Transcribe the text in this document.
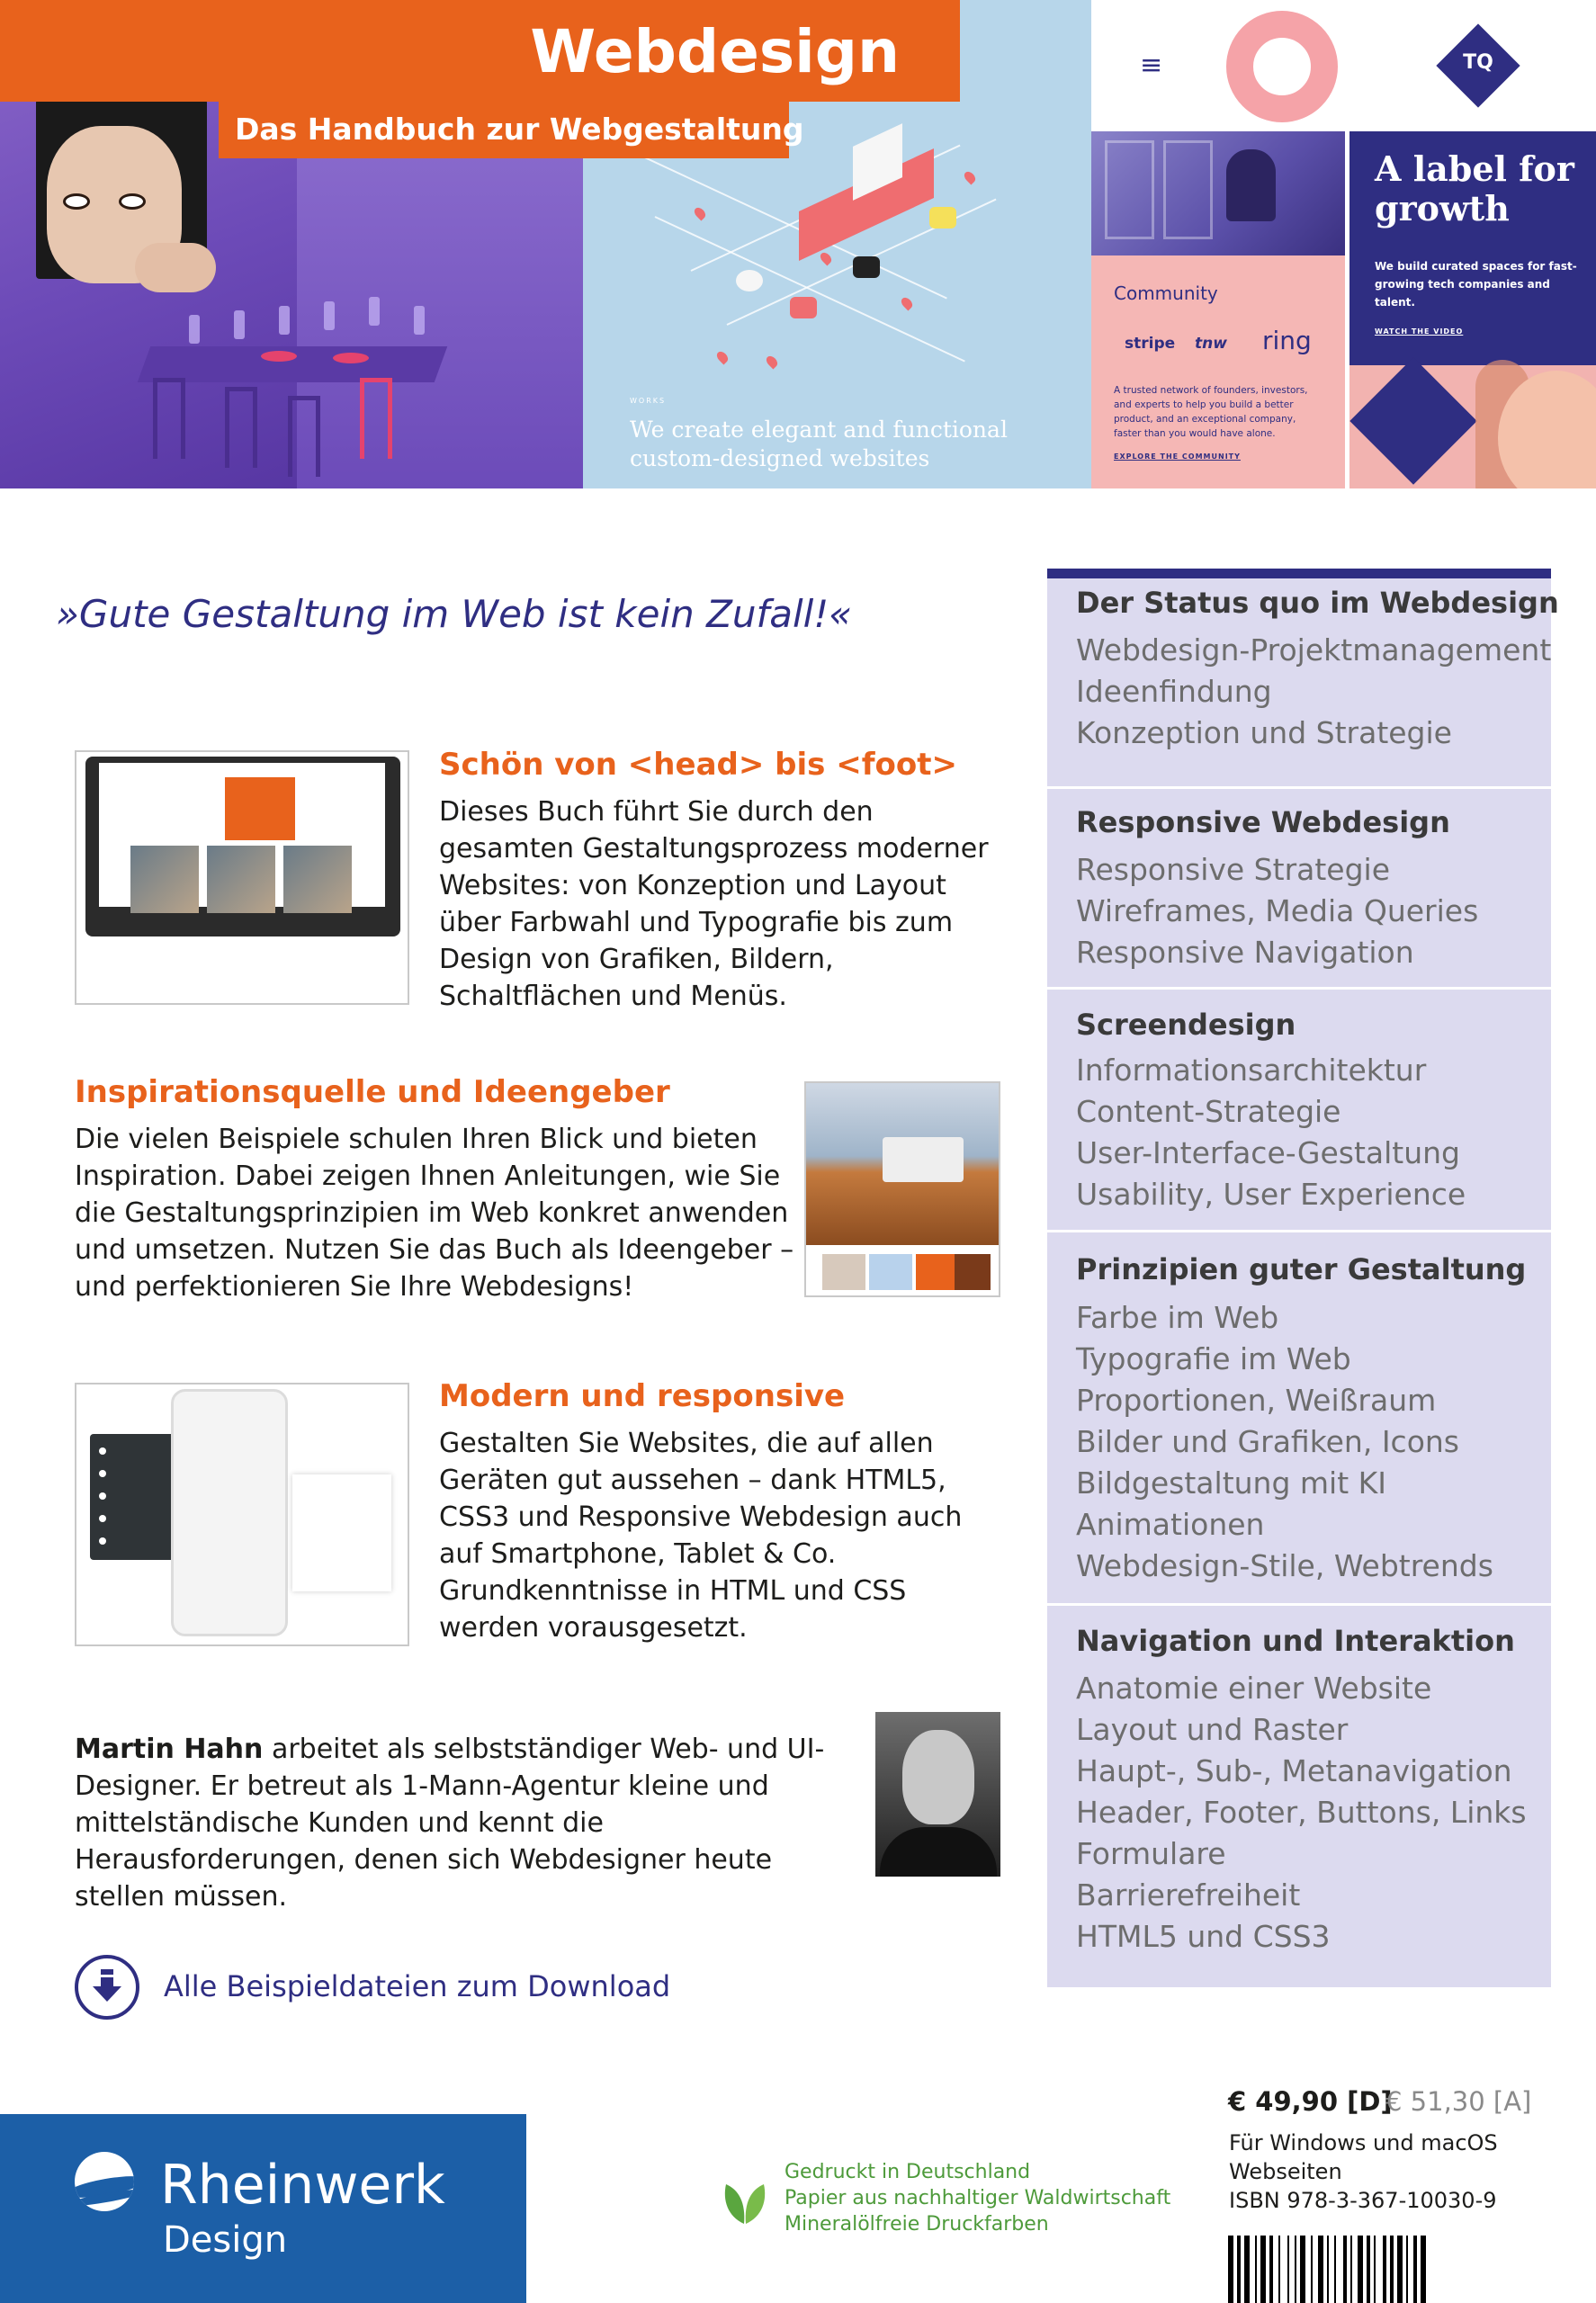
WORKS
We create elegant and functional custom-designed websites
≡	TQ
Community
stripe tnw ring
A trusted network of founders, investors, and experts to help you build a better product, and an exceptional company, faster than you would have alone.
EXPLORE THE COMMUNITY
A label for growth
We build curated spaces for fast-growing tech companies and talent.
WATCH THE VIDEO
Webdesign
Das Handbuch zur Webgestaltung
»Gute Gestaltung im Web ist kein Zufall!«
Schön von <head> bis <foot>
Dieses Buch führt Sie durch den gesamten Gestaltungsprozess moderner Websites: von Konzeption und Layout über Farbwahl und Typografie bis zum Design von Grafiken, Bildern, Schaltflächen und Menüs.
Inspirationsquelle und Ideengeber
Die vielen Beispiele schulen Ihren Blick und bieten Inspiration. Dabei zeigen Ihnen Anleitungen, wie Sie die Gestaltungsprinzipien im Web konkret anwenden und umsetzen. Nutzen Sie das Buch als Ideengeber – und perfektionieren Sie Ihre Webdesigns!
Modern und responsive
Gestalten Sie Websites, die auf allen Geräten gut aussehen – dank HTML5, CSS3 und Responsive Webdesign auch auf Smartphone, Tablet & Co. Grundkenntnisse in HTML und CSS werden vorausgesetzt.
Martin Hahn arbeitet als selbstständiger Web- und UI-Designer. Er betreut als 1-Mann-Agentur kleine und mittelständische Kunden und kennt die Herausforderungen, denen sich Webdesigner heute stellen müssen.
Alle Beispieldateien zum Download
Der Status quo im Webdesign
Webdesign-Projektmanagement
Ideenfindung
Konzeption und Strategie
Responsive Webdesign
Responsive Strategie
Wireframes, Media Queries
Responsive Navigation
Screendesign
Informationsarchitektur
Content-Strategie
User-Interface-Gestaltung
Usability, User Experience
Prinzipien guter Gestaltung
Farbe im Web
Typografie im Web
Proportionen, Weißraum
Bilder und Grafiken, Icons
Bildgestaltung mit KI
Animationen
Webdesign-Stile, Webtrends
Navigation und Interaktion
Anatomie einer Website
Layout und Raster
Haupt-, Sub-, Metanavigation
Header, Footer, Buttons, Links
Formulare
Barrierefreiheit
HTML5 und CSS3
Rheinwerk
Design
Gedruckt in Deutschland
Papier aus nachhaltiger Waldwirtschaft
Mineralölfreie Druckfarben
€ 49,90 [D]
€ 51,30 [A]
Für Windows und macOS
Webseiten
ISBN 978-3-367-10030-9
